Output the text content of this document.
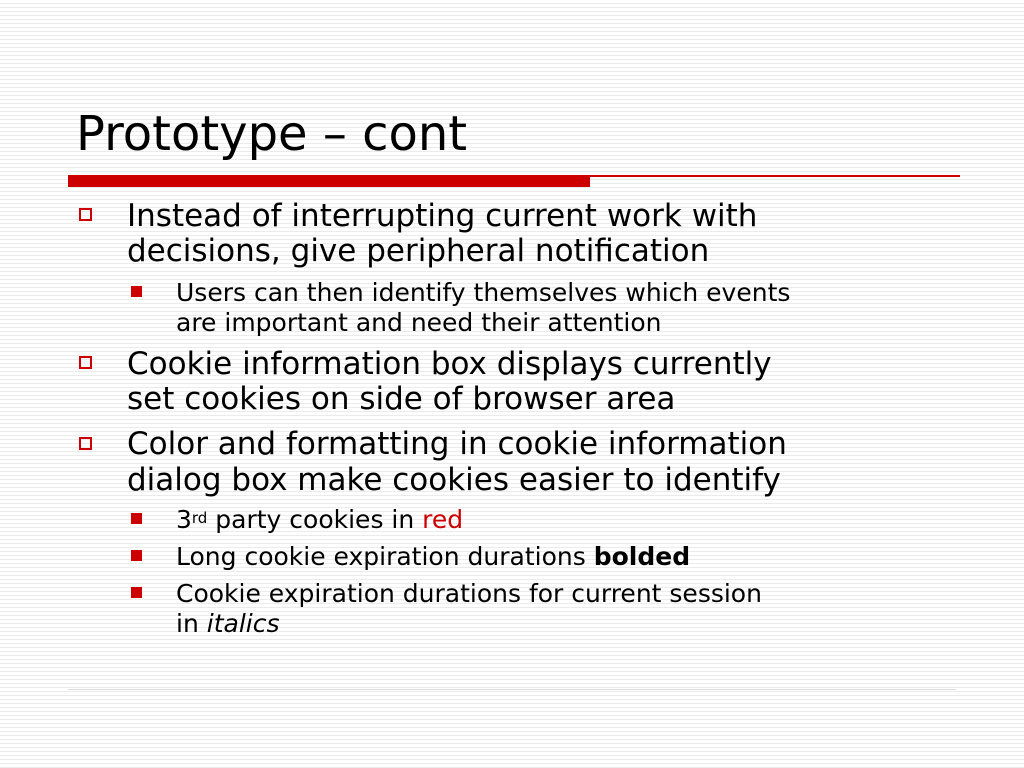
Prototype – cont
Instead of interrupting current work with
decisions, give peripheral notification
Users can then identify themselves which events
are important and need their attention
Cookie information box displays currently
set cookies on side of browser area
Color and formatting in cookie information
dialog box make cookies easier to identify
3rd party cookies in red
Long cookie expiration durations bolded
Cookie expiration durations for current session
in italics
